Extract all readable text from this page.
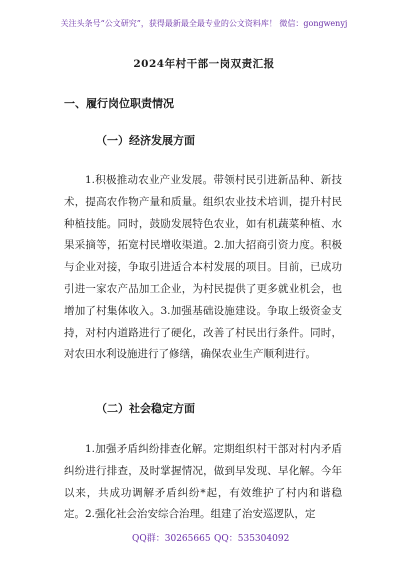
关注头条号“公文研究”，获得最新最全最专业的公文资料库！ 微信：gongwenyj
2024年村干部一岗双责汇报
一、履行岗位职责情况
（一）经济发展方面

1.积极推动农业产业发展。带领村民引进新品种、新技术，提高农作物产量和质量。组织农业技术培训，提升村民种植技能。同时，鼓励发展特色农业，如有机蔬菜种植、水果采摘等，拓宽村民增收渠道。2.加大招商引资力度。积极与企业对接，争取引进适合本村发展的项目。目前，已成功引进一家农产品加工企业，为村民提供了更多就业机会，也增加了村集体收入。3.加强基础设施建设。争取上级资金支持，对村内道路进行了硬化，改善了村民出行条件。同时，对农田水利设施进行了修缮，确保农业生产顺利进行。

（二）社会稳定方面

1.加强矛盾纠纷排查化解。定期组织村干部对村内矛盾纠纷进行排查，及时掌握情况，做到早发现、早化解。今年以来，共成功调解矛盾纠纷*起，有效维护了村内和谐稳定。2.强化社会治安综合治理。组建了治安巡逻队，定

QQ群：30265665 QQ：535304092
